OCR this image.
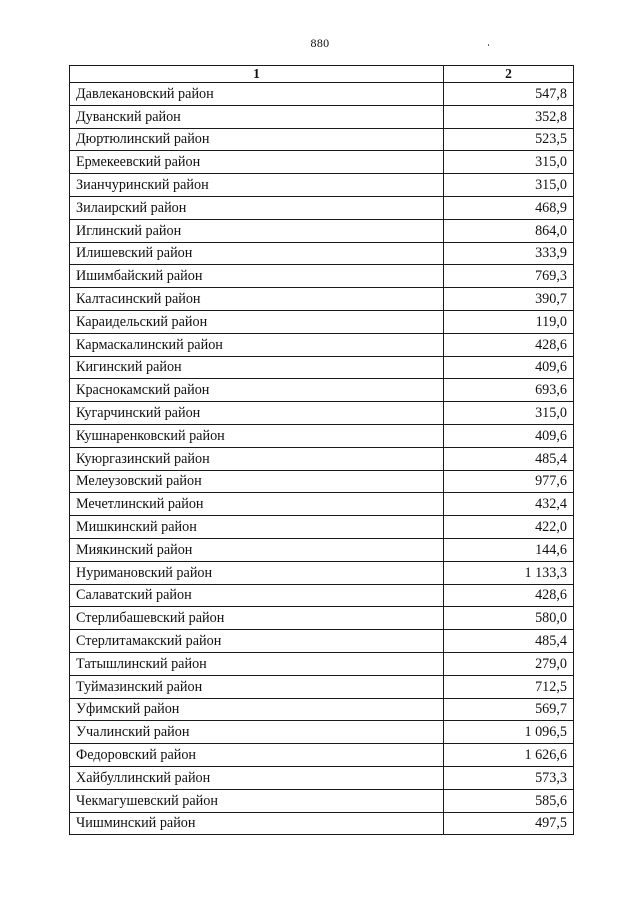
880
1	2
Давлекановский район	547,8
Дуванский район	352,8
Дюртюлинский район	523,5
Ермекеевский район	315,0
Зианчуринский район	315,0
Зилаирский район	468,9
Иглинский район	864,0
Илишевский район	333,9
Ишимбайский район	769,3
Калтасинский район	390,7
Караидельский район	119,0
Кармаскалинский район	428,6
Кигинский район	409,6
Краснокамский район	693,6
Кугарчинский район	315,0
Кушнаренковский район	409,6
Куюргазинский район	485,4
Мелеузовский район	977,6
Мечетлинский район	432,4
Мишкинский район	422,0
Миякинский район	144,6
Нуримановский район	1 133,3
Салаватский район	428,6
Стерлибашевский район	580,0
Стерлитамакский район	485,4
Татышлинский район	279,0
Туймазинский район	712,5
Уфимский район	569,7
Учалинский район	1 096,5
Федоровский район	1 626,6
Хайбуллинский район	573,3
Чекмагушевский район	585,6
Чишминский район	497,5
